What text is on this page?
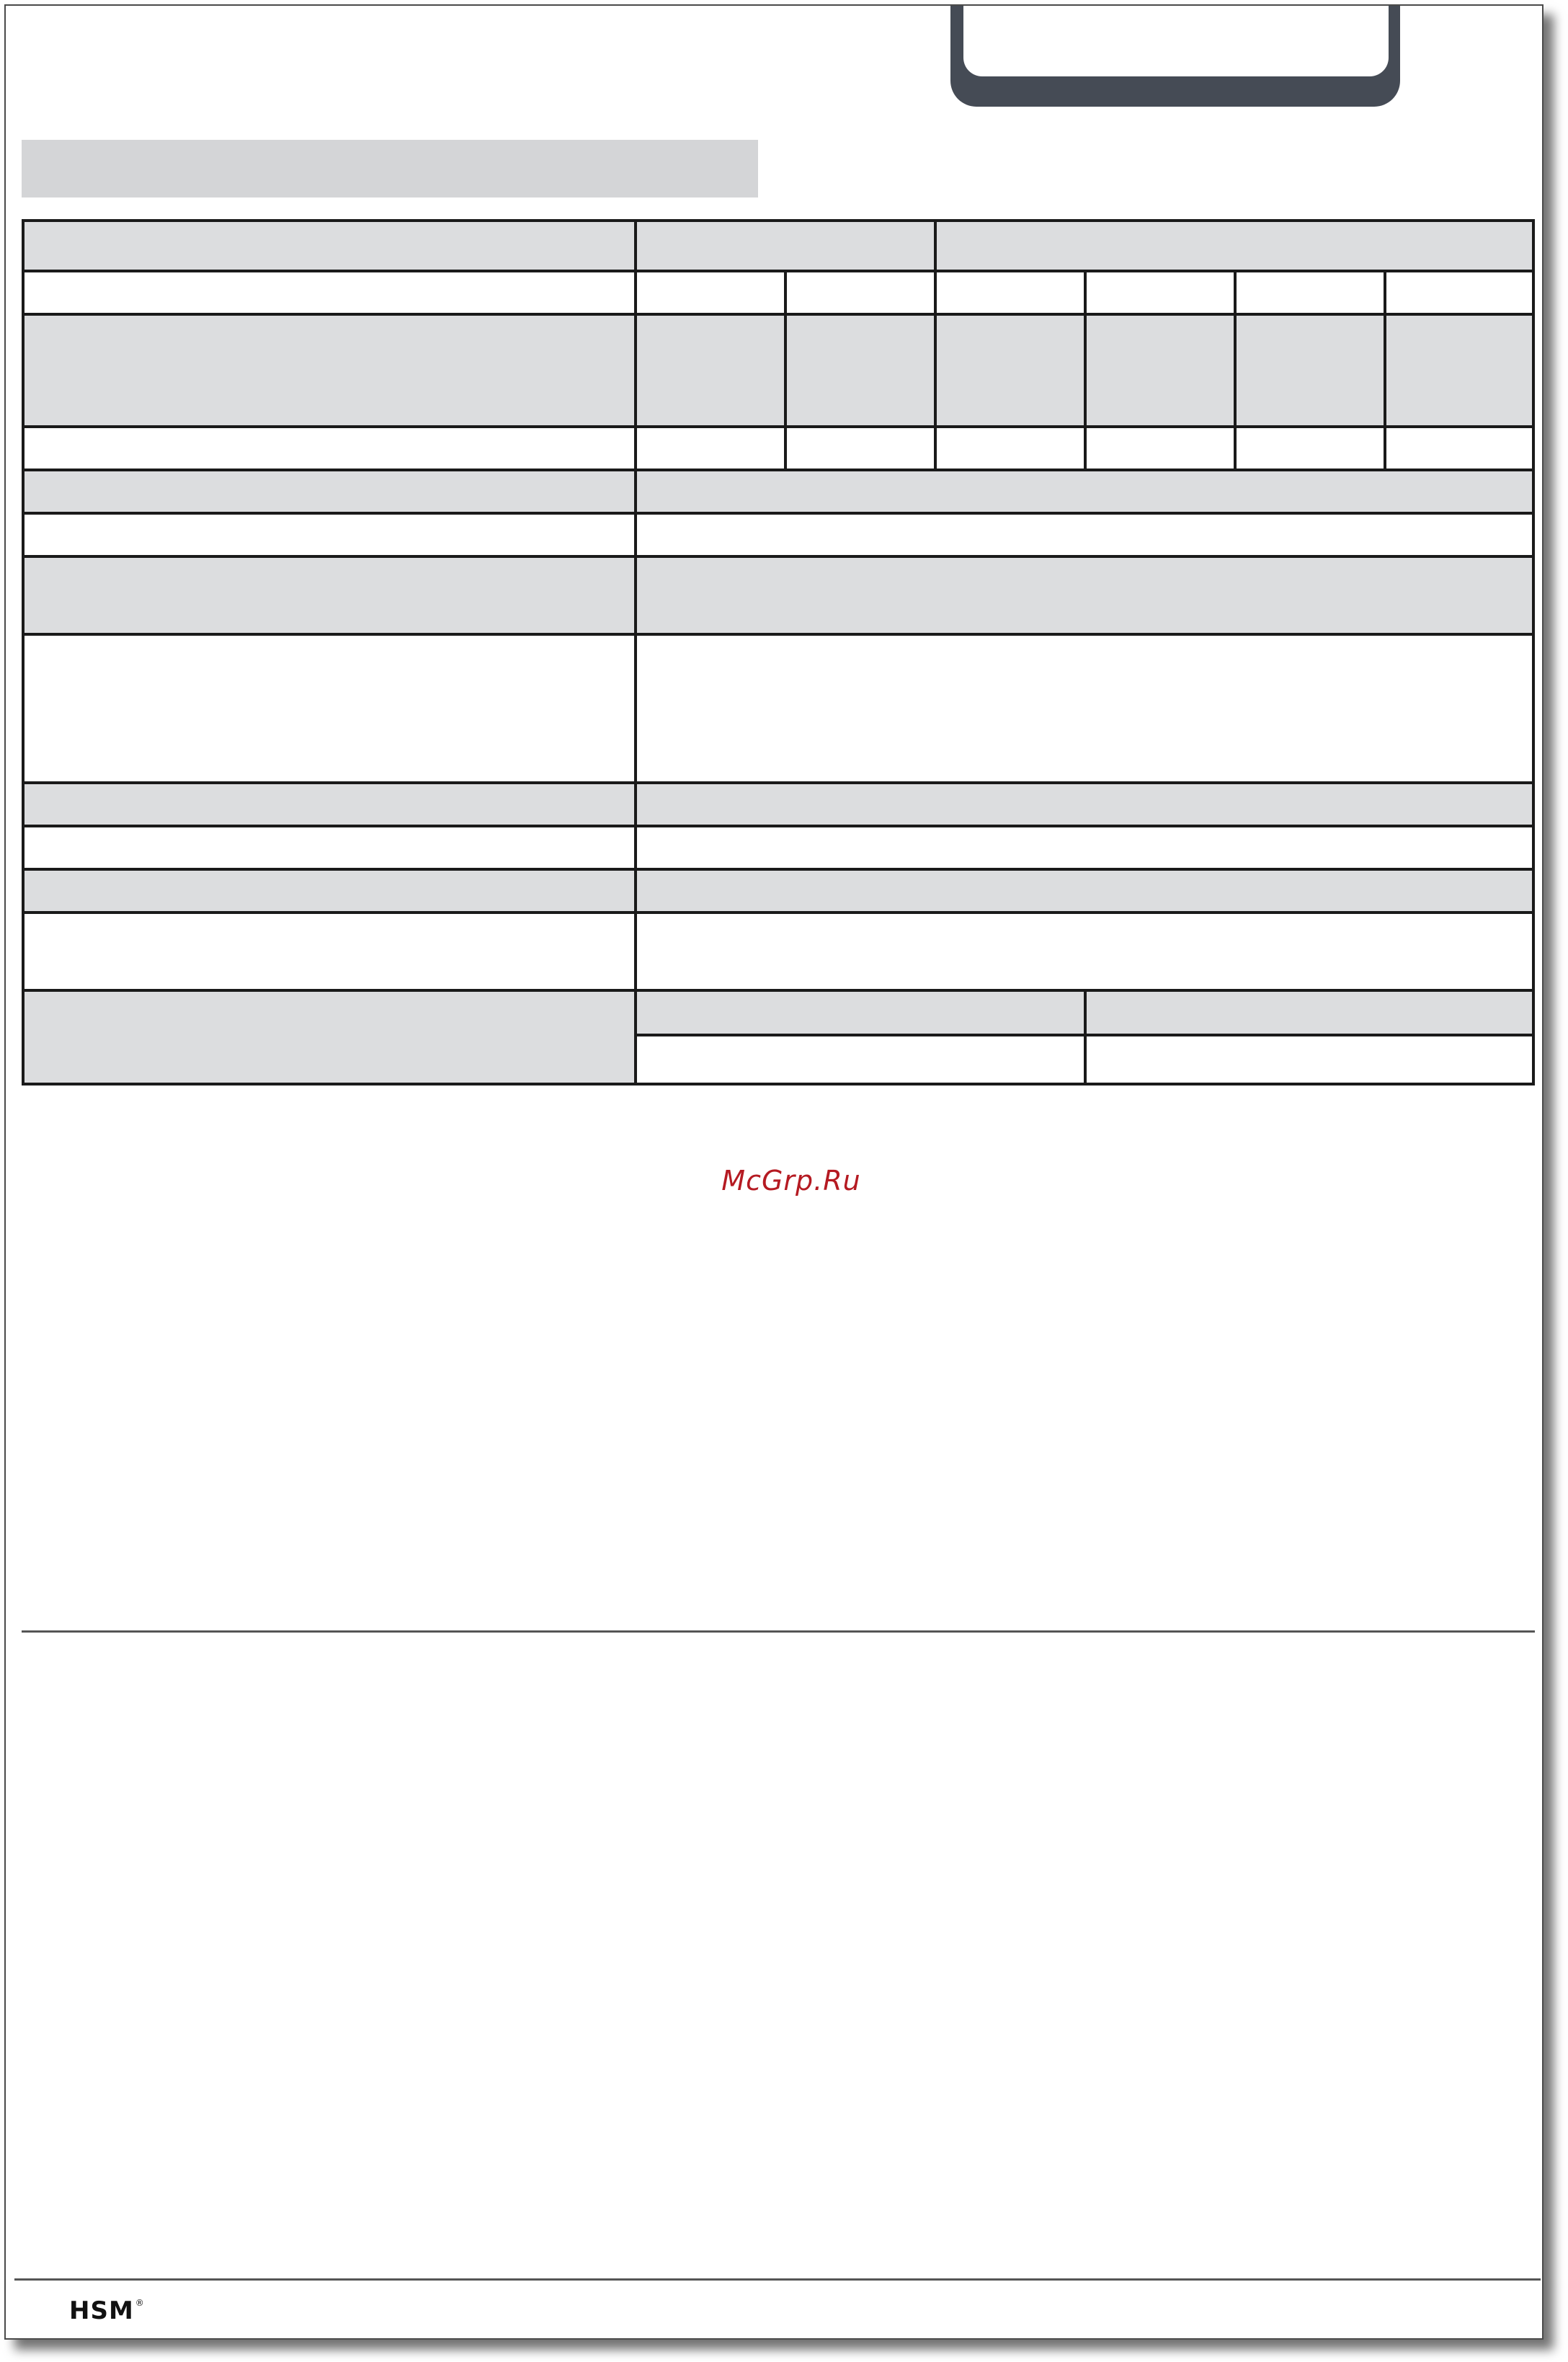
McGrp.Ru
HSM ®
